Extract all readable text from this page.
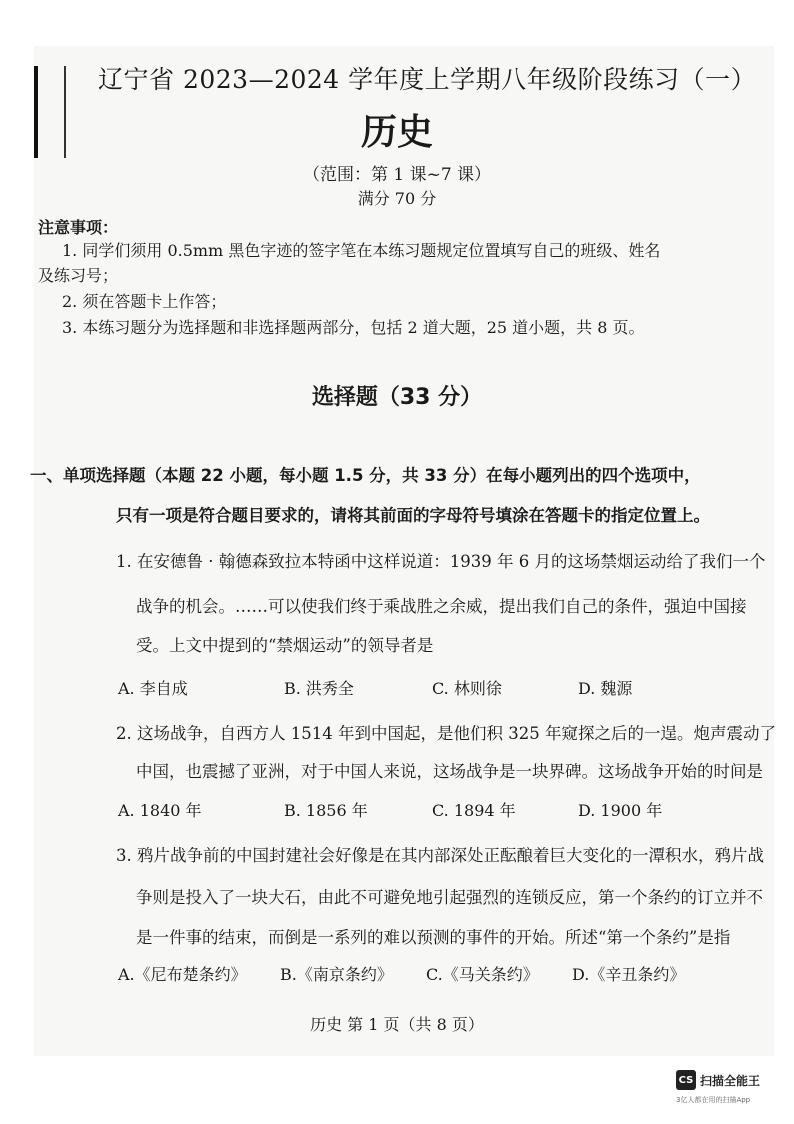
辽宁省 2023—2024 学年度上学期八年级阶段练习（一）
历史
（范围：第 1 课~7 课）
满分 70 分
注意事项：
1. 同学们须用 0.5mm 黑色字迹的签字笔在本练习题规定位置填写自己的班级、姓名
及练习号；
2. 须在答题卡上作答；
3. 本练习题分为选择题和非选择题两部分，包括 2 道大题，25 道小题，共 8 页。
选择题（33 分）
一、单项选择题（本题 22 小题，每小题 1.5 分，共 33 分）在每小题列出的四个选项中，
只有一项是符合题目要求的，请将其前面的字母符号填涂在答题卡的指定位置上。
1. 在安德鲁 · 翰德森致拉本特函中这样说道：1939 年 6 月的这场禁烟运动给了我们一个
战争的机会。……可以使我们终于乘战胜之余威，提出我们自己的条件，强迫中国接
受。上文中提到的“禁烟运动”的领导者是
A. 李自成	B. 洪秀全	C. 林则徐	D. 魏源
2. 这场战争，自西方人 1514 年到中国起，是他们积 325 年窥探之后的一逞。炮声震动了
中国，也震撼了亚洲，对于中国人来说，这场战争是一块界碑。这场战争开始的时间是
A. 1840 年	B. 1856 年	C. 1894 年	D. 1900 年
3. 鸦片战争前的中国封建社会好像是在其内部深处正酝酿着巨大变化的一潭积水，鸦片战
争则是投入了一块大石，由此不可避免地引起强烈的连锁反应，第一个条约的订立并不
是一件事的结束，而倒是一系列的难以预测的事件的开始。所述“第一个条约”是指
A.《尼布楚条约》 B.《南京条约》 C.《马关条约》 D.《辛丑条约》
历史 第 1 页（共 8 页）
CS 扫描全能王
3亿人都在用的扫描App
